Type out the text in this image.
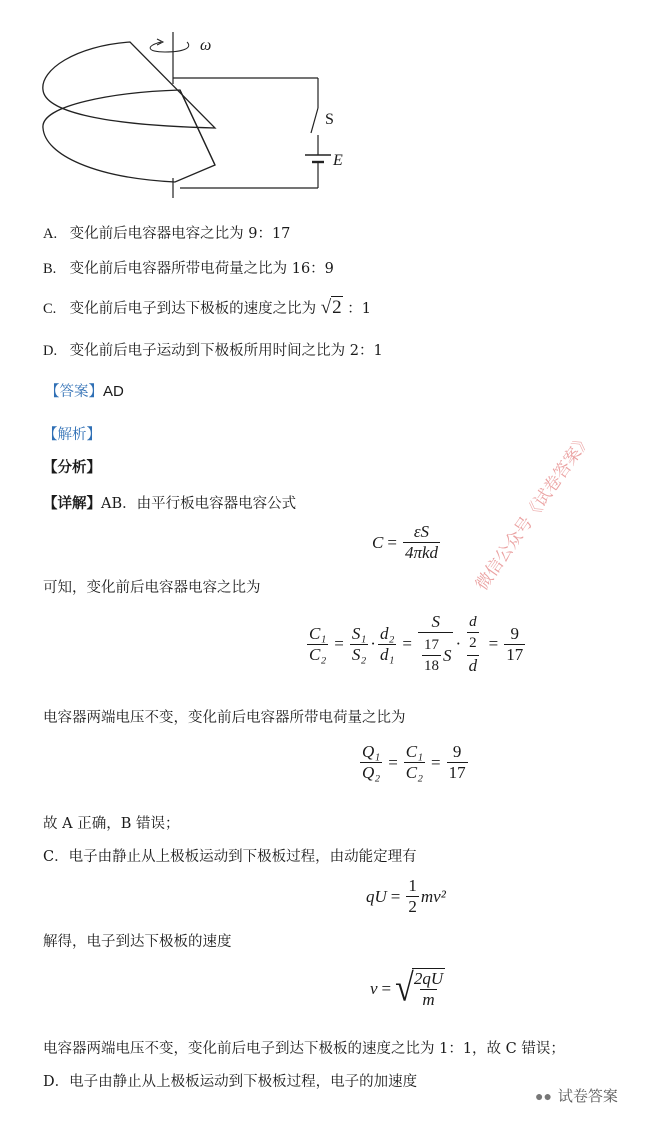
ω
S
E
A. 变化前后电容器电容之比为 9：17
B. 变化前后电容器所带电荷量之比为 16：9
C. 变化前后电子到达下极板的速度之比为 √2 ：1
D. 变化前后电子运动到下极板所用时间之比为 2：1
【答案】AD
【解析】
【分析】
【详解】AB．由平行板电容器电容公式
$C = \frac{\varepsilon S}{\text{4πkd}}$
可知，变化前后电容器电容之比为
$\frac{\text{C₁}}{\text{C₂}} = \frac{\text{S₁}}{\text{S₂}} \cdot \frac{\text{d₂}}{\text{d₁}} = \frac{S}{\frac{17}{18} S} \cdot \frac{\frac{d}{2}}{d} = \frac{9}{17}$
电容器两端电压不变，变化前后电容器所带电荷量之比为
$\frac{\text{Q₁}}{\text{Q₂}} = \frac{\text{C₁}}{\text{C₂}} = \frac{9}{17}$
故 A 正确，B 错误；
C．电子由静止从上极板运动到下极板过程，由动能定理有
qU = $\frac{1}{2} mv^2$
解得，电子到达下极板的速度
v = √
$\frac{2qU}{m}$
电容器两端电压不变，变化前后电子到达下极板的速度之比为 1：1，故 C 错误；
D．电子由静止从上极板运动到下极板过程，电子的加速度
微信公众号《试卷答案》
●● 试卷答案
